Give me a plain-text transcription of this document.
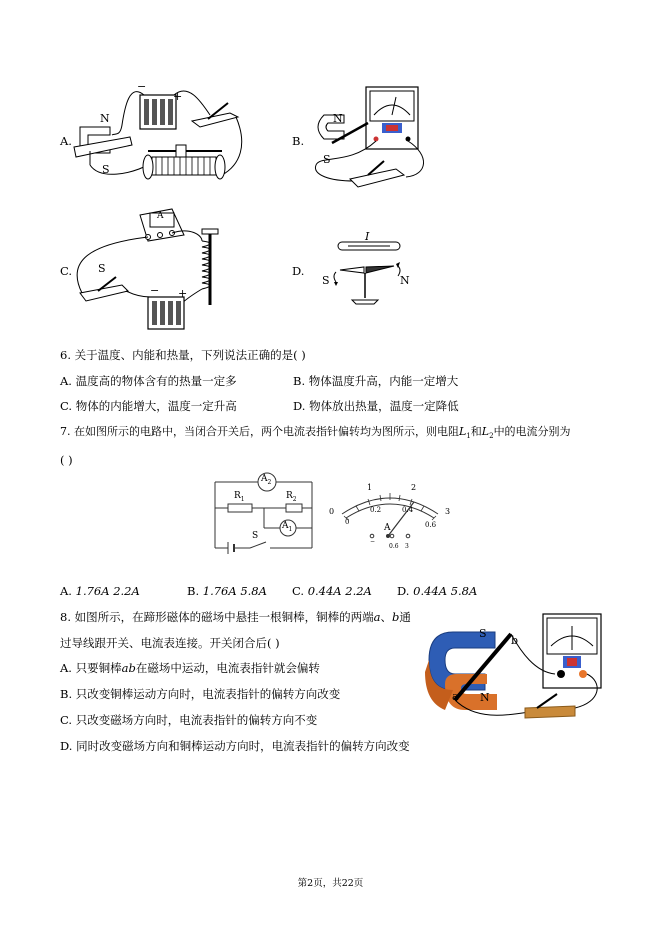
A.	B.
C.	D.
−
+
N
S
N
S
S
A
− +
I
S	N
6. 关于温度、内能和热量，下列说法正确的是( )
A. 温度高的物体含有的热量一定多	B. 物体温度升高，内能一定增大
C. 物体的内能增大，温度一定升高	D. 物体放出热量，温度一定降低
7. 在如图所示的电路中，当闭合开关后，两个电流表指针偏转均为图所示，则电阻$L_1$和$L_2$中的电流分别为
( )
$A_2$
$A_1$
$R_1$	$R_2$
S
0
1	2
3
0
0.2	0.4
0.6
A
−
0.6 3
A. 1.76A 2.2A	B. 1.76A 5.8A C. 0.44A 2.2A D. 0.44A 5.8A
8. 如图所示，在蹄形磁体的磁场中悬挂一根铜棒，铜棒的两端a、b通
过导线跟开关、电流表连接。开关闭合后( )
A. 只要铜棒ab在磁场中运动，电流表指针就会偏转
B. 只改变铜棒运动方向时，电流表指针的偏转方向改变
C. 只改变磁场方向时，电流表指针的偏转方向不变
D. 同时改变磁场方向和铜棒运动方向时，电流表指针的偏转方向改变
S
N
b
a
第2页，共22页
